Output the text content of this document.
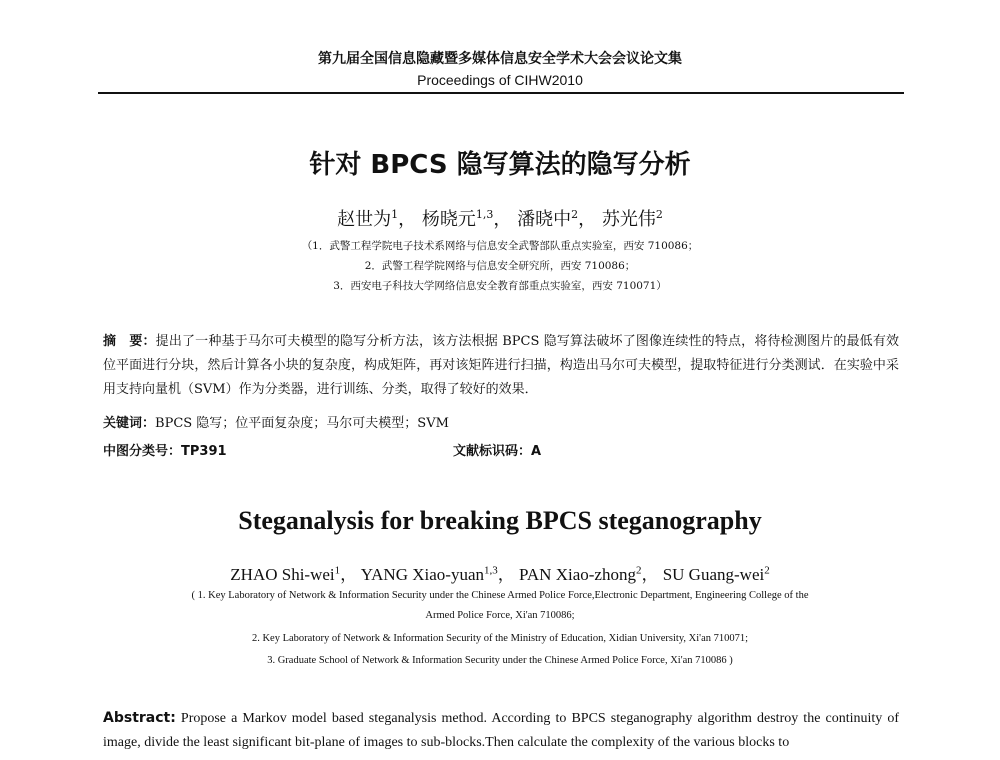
第九届全国信息隐藏暨多媒体信息安全学术大会会议论文集
Proceedings of CIHW2010
针对 BPCS 隐写算法的隐写分析
赵世为$^1$， 杨晓元$^{1,3}$， 潘晓中$^2$， 苏光伟$^2$
（1．武警工程学院电子技术系网络与信息安全武警部队重点实验室，西安 710086；
2．武警工程学院网络与信息安全研究所，西安 710086；
3．西安电子科技大学网络信息安全教育部重点实验室，西安 710071）
摘　要：提出了一种基于马尔可夫模型的隐写分析方法，该方法根据 BPCS 隐写算法破坏了图像连续性的特点，将待检测图片的最低有效位平面进行分块，然后计算各小块的复杂度，构成矩阵，再对该矩阵进行扫描，构造出马尔可夫模型，提取特征进行分类测试．在实验中采用支持向量机（SVM）作为分类器，进行训练、分类，取得了较好的效果．
关键词：BPCS 隐写；位平面复杂度；马尔可夫模型；SVM
中图分类号：TP391	文献标识码：A
Steganalysis for breaking BPCS steganography
ZHAO Shi-wei$^1$， YANG Xiao-yuan$^{1,3}$， PAN Xiao-zhong$^2$， SU Guang-wei$^2$
( 1. Key Laboratory of Network & Information Security under the Chinese Armed Police Force,Electronic Department, Engineering College of the
Armed Police Force, Xi'an 710086;
2. Key Laboratory of Network & Information Security of the Ministry of Education, Xidian University, Xi'an 710071;
3. Graduate School of Network & Information Security under the Chinese Armed Police Force, Xi'an 710086 )
Abstract: Propose a Markov model based steganalysis method. According to BPCS steganography algorithm destroy the continuity of image, divide the least significant bit-plane of images to sub-blocks.Then calculate the complexity of the various blocks to
